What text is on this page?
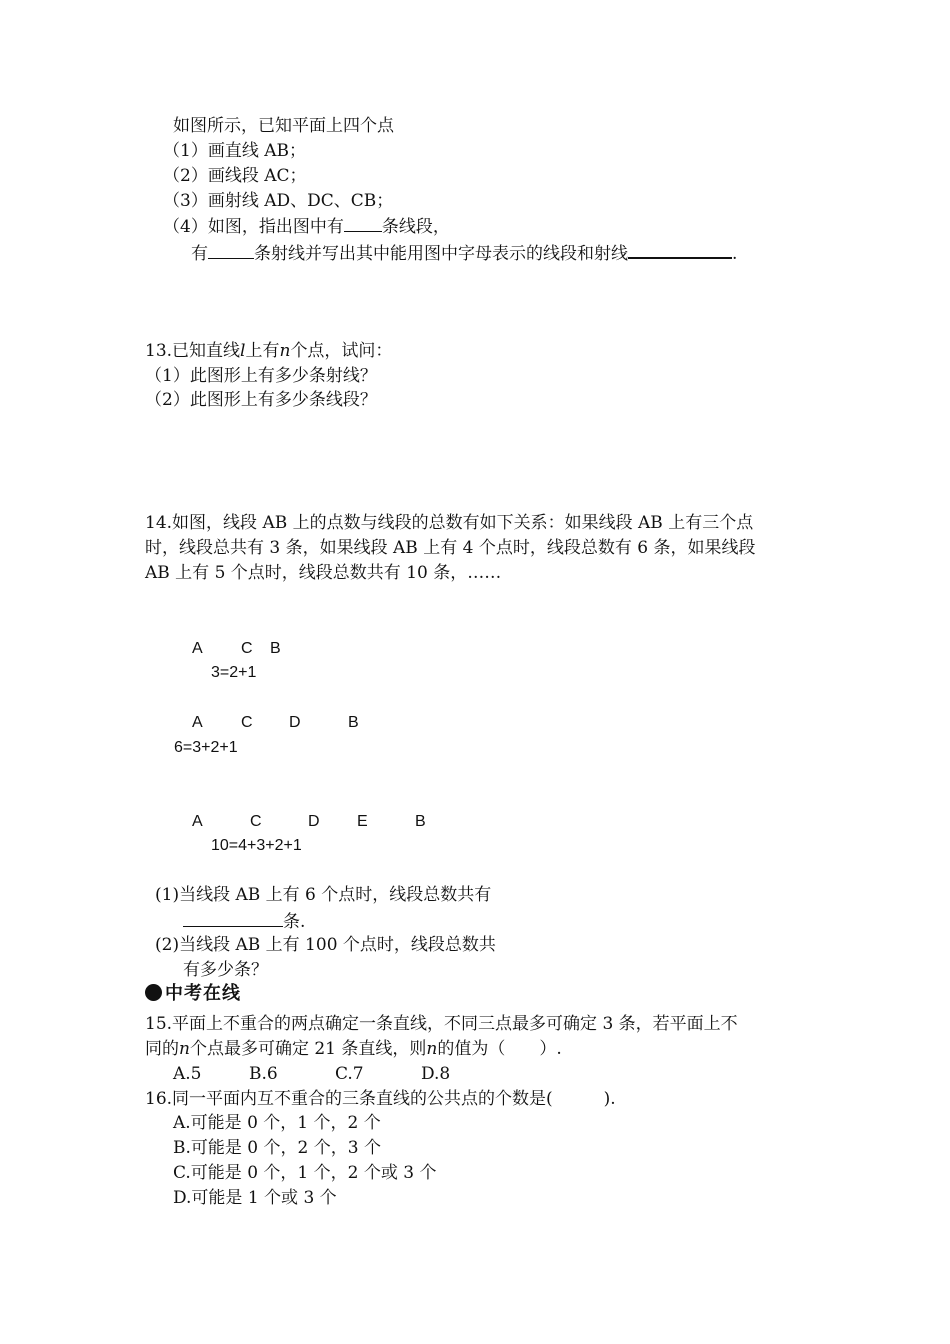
如图所示，已知平面上四个点
（1）画直线 AB；
（2）画线段 AC；
（3）画射线 AD、DC、CB；
（4）如图，指出图中有 条线段，
有	条射线并写出其中能用图中字母表示的线段和射线	.
13.已知直线l上有n个点，试问：
（1）此图形上有多少条射线？
（2）此图形上有多少条线段？
14.如图，线段 AB 上的点数与线段的总数有如下关系：如果线段 AB 上有三个点
时，线段总共有 3 条，如果线段 AB 上有 4 个点时，线段总数有 6 条，如果线段
AB 上有 5 个点时，线段总数共有 10 条，……
A C B
3=2+1
A C D	B
6=3+2+1
A	C	D E	B
10=4+3+2+1
(1)当线段 AB 上有 6 个点时，线段总数共有
条.
(2)当线段 AB 上有 100 个点时，线段总数共
有多少条？
中考在线
15.平面上不重合的两点确定一条直线，不同三点最多可确定 3 条，若平面上不
同的n个点最多可确定 21 条直线，则n的值为（　　）.
A.5	B.6	C.7	D.8
16.同一平面内互不重合的三条直线的公共点的个数是(　　　).
A.可能是 0 个，1 个，2 个
B.可能是 0 个，2 个，3 个
C.可能是 0 个，1 个，2 个或 3 个
D.可能是 1 个或 3 个
